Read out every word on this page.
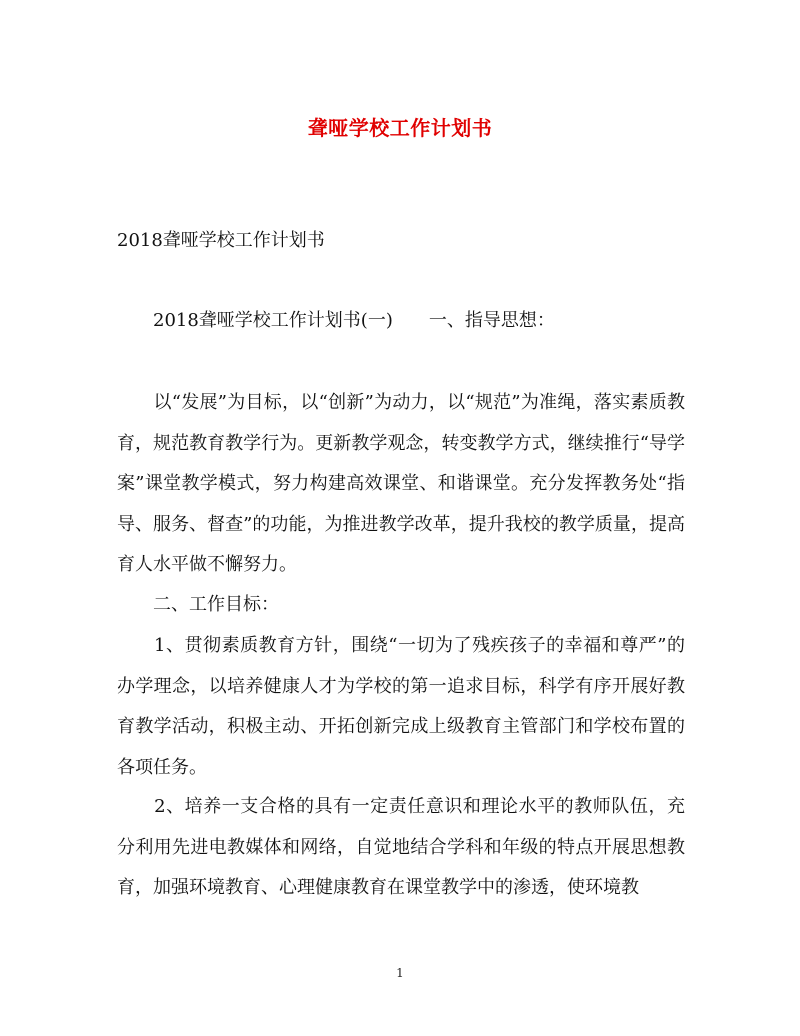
聋哑学校工作计划书
2018聋哑学校工作计划书
2018聋哑学校工作计划书(一)　　一、指导思想：
　　以“发展”为目标，以“创新”为动力，以“规范”为准绳，落实素质教育，规范教育教学行为。更新教学观念，转变教学方式，继续推行“导学案”课堂教学模式，努力构建高效课堂、和谐课堂。充分发挥教务处“指导、服务、督查”的功能，为推进教学改革，提升我校的教学质量，提高育人水平做不懈努力。
　　二、工作目标：
　　1、贯彻素质教育方针，围绕“一切为了残疾孩子的幸福和尊严”的办学理念，以培养健康人才为学校的第一追求目标，科学有序开展好教育教学活动，积极主动、开拓创新完成上级教育主管部门和学校布置的各项任务。
　　2、培养一支合格的具有一定责任意识和理论水平的教师队伍，充分利用先进电教媒体和网络，自觉地结合学科和年级的特点开展思想教育，加强环境教育、心理健康教育在课堂教学中的渗透，使环境教
1
